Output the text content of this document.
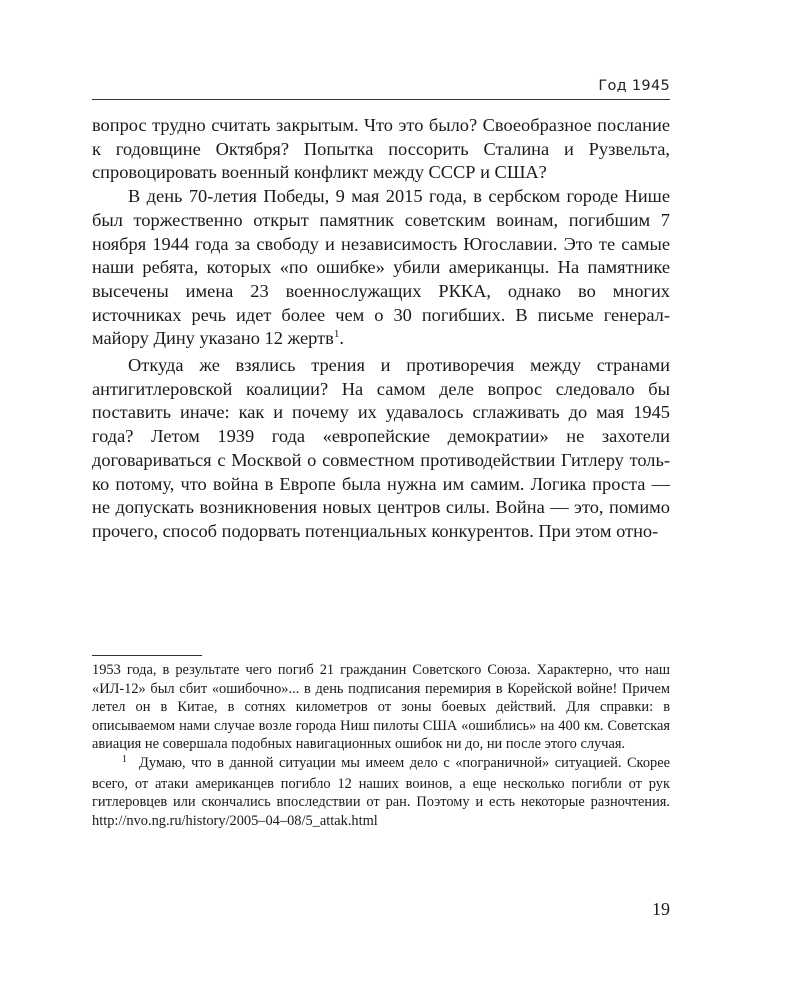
Год 1945

вопрос трудно считать закрытым. Что это было? Своеобразное послание к годовщине Октября? Попытка поссорить Сталина и Рузвельта, спровоцировать военный конфликт между СССР и США?

В день 70-летия Победы, 9 мая 2015 года, в сербском городе Нише был торжественно открыт памятник советским воинам, погибшим 7 ноября 1944 года за свободу и независимость Югославии. Это те самые наши ребята, которых «по ошибке» убили американцы. На памятнике высечены имена 23 военнослужащих РККА, однако во многих источниках речь идет более чем о 30 погибших. В письме генерал-майору Дину указано 12 жертв$^1$.

Откуда же взялись трения и противоречия между странами антигитлеровской коалиции? На самом деле вопрос следовало бы поставить иначе: как и почему их удавалось сглаживать до мая 1945 года? Летом 1939 года «европейские демократии» не захотели договариваться с Москвой о совместном противодействии Гитлеру только потому, что война в Европе была нужна им самим. Логика проста — не допускать возникновения новых центров силы. Война — это, помимо прочего, способ подорвать потенциальных конкурентов. При этом отно-

1953 года, в результате чего погиб 21 гражданин Советского Союза. Характерно, что наш «ИЛ-12» был сбит «ошибочно»... в день подписания перемирия в Корейской войне! Причем летел он в Китае, в сотнях километров от зоны боевых действий. Для справки: в описываемом нами случае возле города Ниш пилоты США «ошиблись» на 400 км. Советская авиация не совершала подобных навигационных ошибок ни до, ни после этого случая.

$^1$ Думаю, что в данной ситуации мы имеем дело с «пограничной» ситуацией. Скорее всего, от атаки американцев погибло 12 наших воинов, а еще несколько погибли от рук гитлеровцев или скончались впоследствии от ран. Поэтому и есть некоторые разночтения. http://nvo.ng.ru/history/2005–04–08/5_attak.html

19
